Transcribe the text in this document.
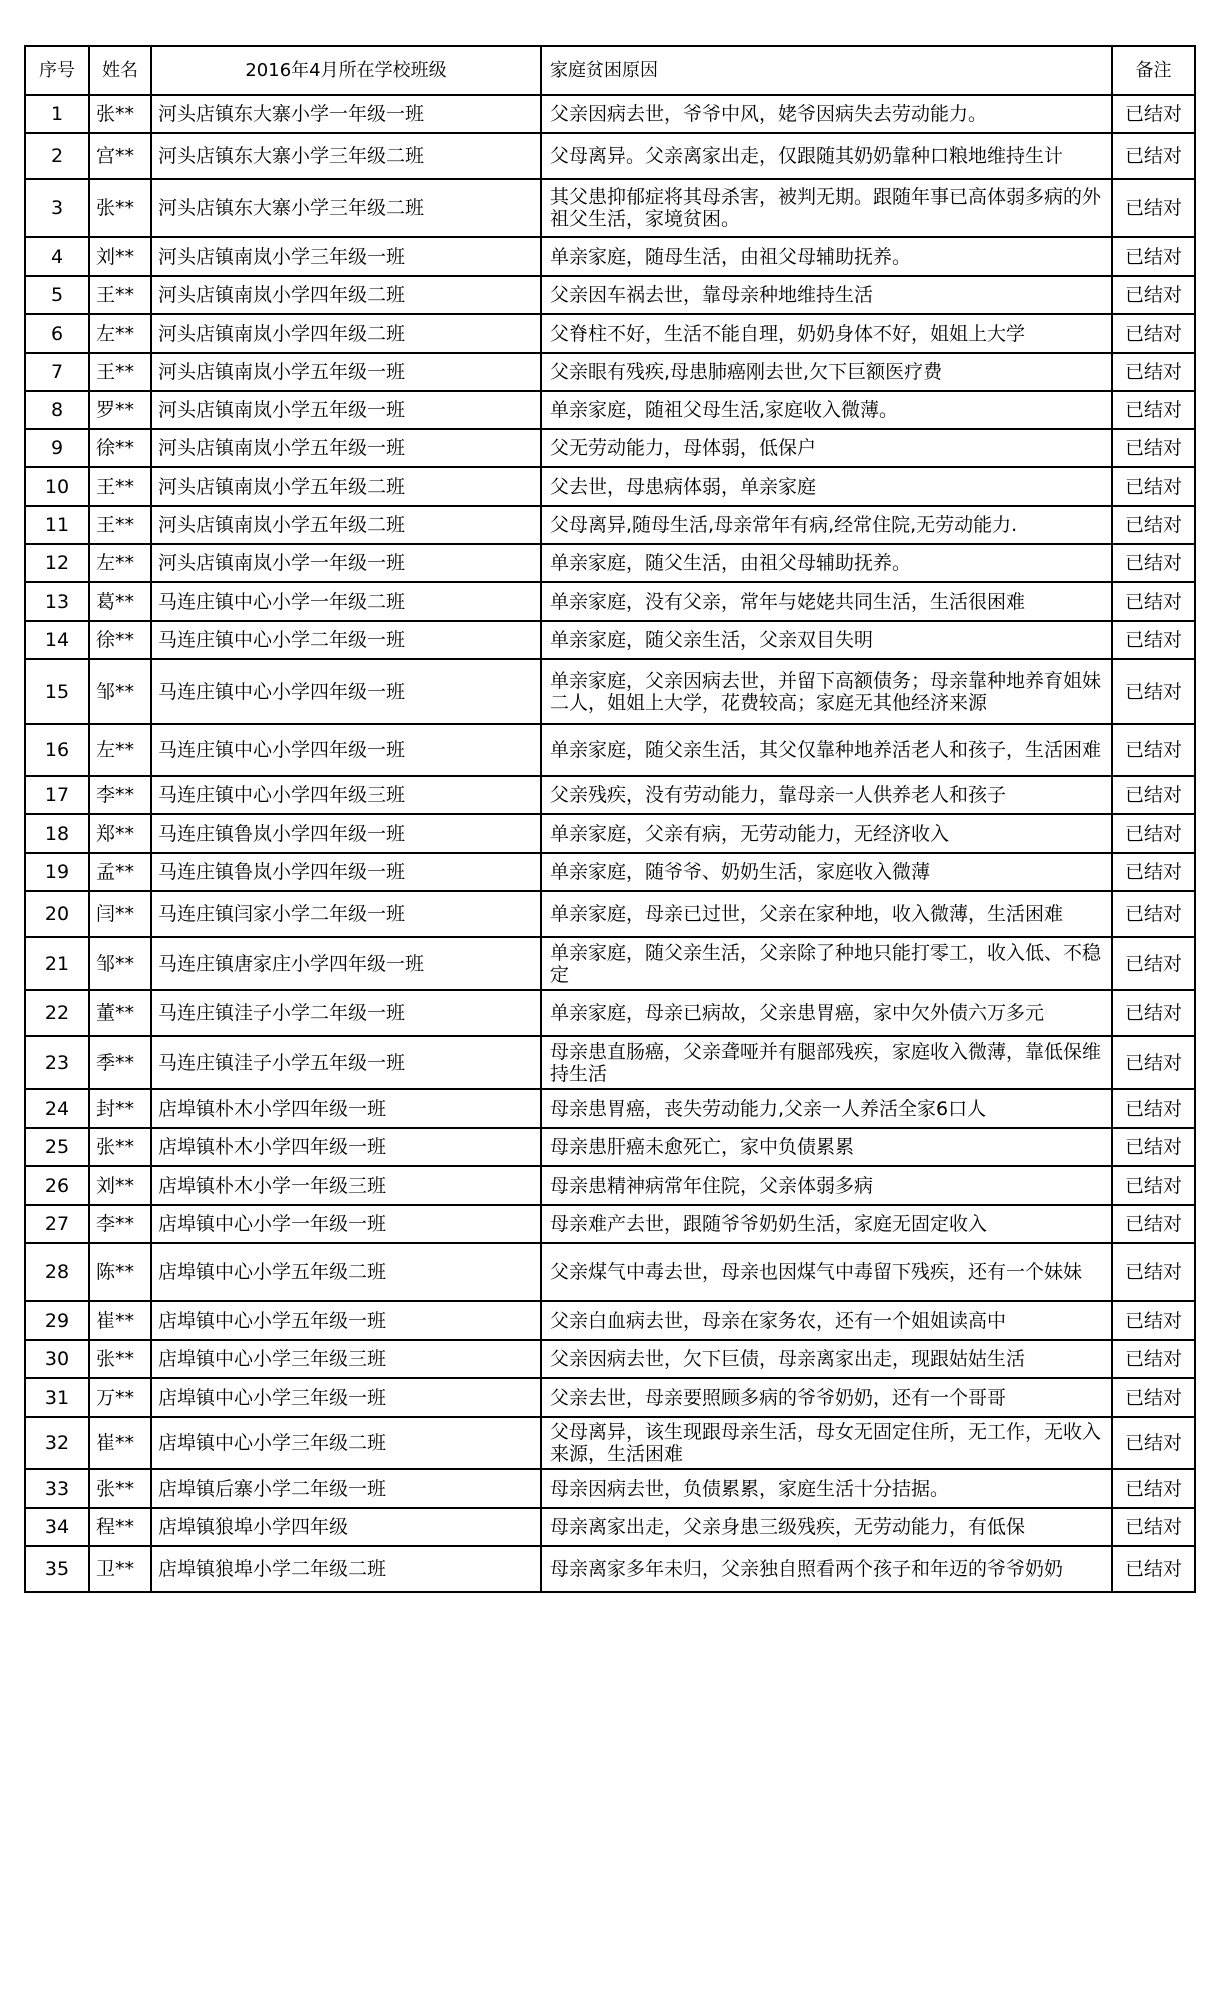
序号	姓名	2016年4月所在学校班级	家庭贫困原因	备注
1	张**	河头店镇东大寨小学一年级一班	父亲因病去世，爷爷中风，姥爷因病失去劳动能力。	已结对
2	宫**	河头店镇东大寨小学三年级二班	父母离异。父亲离家出走，仅跟随其奶奶靠种口粮地维持生计	已结对
3	张**	河头店镇东大寨小学三年级二班	其父患抑郁症将其母杀害，被判无期。跟随年事已高体弱多病的外祖父生活，家境贫困。	已结对
4	刘**	河头店镇南岚小学三年级一班	单亲家庭，随母生活，由祖父母辅助抚养。	已结对
5	王**	河头店镇南岚小学四年级二班	父亲因车祸去世，靠母亲种地维持生活	已结对
6	左**	河头店镇南岚小学四年级二班	父脊柱不好，生活不能自理，奶奶身体不好，姐姐上大学	已结对
7	王**	河头店镇南岚小学五年级一班	父亲眼有残疾,母患肺癌刚去世,欠下巨额医疗费	已结对
8	罗**	河头店镇南岚小学五年级一班	单亲家庭，随祖父母生活,家庭收入微薄。	已结对
9	徐**	河头店镇南岚小学五年级一班	父无劳动能力，母体弱，低保户	已结对
10	王**	河头店镇南岚小学五年级二班	父去世，母患病体弱，单亲家庭	已结对
11	王**	河头店镇南岚小学五年级二班	父母离异,随母生活,母亲常年有病,经常住院,无劳动能力.	已结对
12	左**	河头店镇南岚小学一年级一班	单亲家庭，随父生活，由祖父母辅助抚养。	已结对
13	葛**	马连庄镇中心小学一年级二班	单亲家庭，没有父亲，常年与姥姥共同生活，生活很困难	已结对
14	徐**	马连庄镇中心小学二年级一班	单亲家庭，随父亲生活，父亲双目失明	已结对
15	邹**	马连庄镇中心小学四年级一班	单亲家庭，父亲因病去世，并留下高额债务；母亲靠种地养育姐妹二人，姐姐上大学，花费较高；家庭无其他经济来源	已结对
16	左**	马连庄镇中心小学四年级一班	单亲家庭，随父亲生活，其父仅靠种地养活老人和孩子，生活困难	已结对
17	李**	马连庄镇中心小学四年级三班	父亲残疾，没有劳动能力，靠母亲一人供养老人和孩子	已结对
18	郑**	马连庄镇鲁岚小学四年级一班	单亲家庭，父亲有病，无劳动能力，无经济收入	已结对
19	孟**	马连庄镇鲁岚小学四年级一班	单亲家庭，随爷爷、奶奶生活，家庭收入微薄	已结对
20	闫**	马连庄镇闫家小学二年级一班	单亲家庭，母亲已过世，父亲在家种地，收入微薄，生活困难	已结对
21	邹**	马连庄镇唐家庄小学四年级一班	单亲家庭，随父亲生活，父亲除了种地只能打零工，收入低、不稳定	已结对
22	董**	马连庄镇洼子小学二年级一班	单亲家庭，母亲已病故，父亲患胃癌，家中欠外债六万多元	已结对
23	季**	马连庄镇洼子小学五年级一班	母亲患直肠癌，父亲聋哑并有腿部残疾，家庭收入微薄，靠低保维持生活	已结对
24	封**	店埠镇朴木小学四年级一班	母亲患胃癌，丧失劳动能力,父亲一人养活全家6口人	已结对
25	张**	店埠镇朴木小学四年级一班	母亲患肝癌未愈死亡，家中负债累累	已结对
26	刘**	店埠镇朴木小学一年级三班	母亲患精神病常年住院，父亲体弱多病	已结对
27	李**	店埠镇中心小学一年级一班	母亲难产去世，跟随爷爷奶奶生活，家庭无固定收入	已结对
28	陈**	店埠镇中心小学五年级二班	父亲煤气中毒去世，母亲也因煤气中毒留下残疾，还有一个妹妹	已结对
29	崔**	店埠镇中心小学五年级一班	父亲白血病去世，母亲在家务农，还有一个姐姐读高中	已结对
30	张**	店埠镇中心小学三年级三班	父亲因病去世，欠下巨债，母亲离家出走，现跟姑姑生活	已结对
31	万**	店埠镇中心小学三年级一班	父亲去世，母亲要照顾多病的爷爷奶奶，还有一个哥哥	已结对
32	崔**	店埠镇中心小学三年级二班	父母离异，该生现跟母亲生活，母女无固定住所，无工作，无收入来源，生活困难	已结对
33	张**	店埠镇后寨小学二年级一班	母亲因病去世，负债累累，家庭生活十分拮据。	已结对
34	程**	店埠镇狼埠小学四年级	母亲离家出走，父亲身患三级残疾，无劳动能力，有低保	已结对
35	卫**	店埠镇狼埠小学二年级二班	母亲离家多年未归，父亲独自照看两个孩子和年迈的爷爷奶奶	已结对
